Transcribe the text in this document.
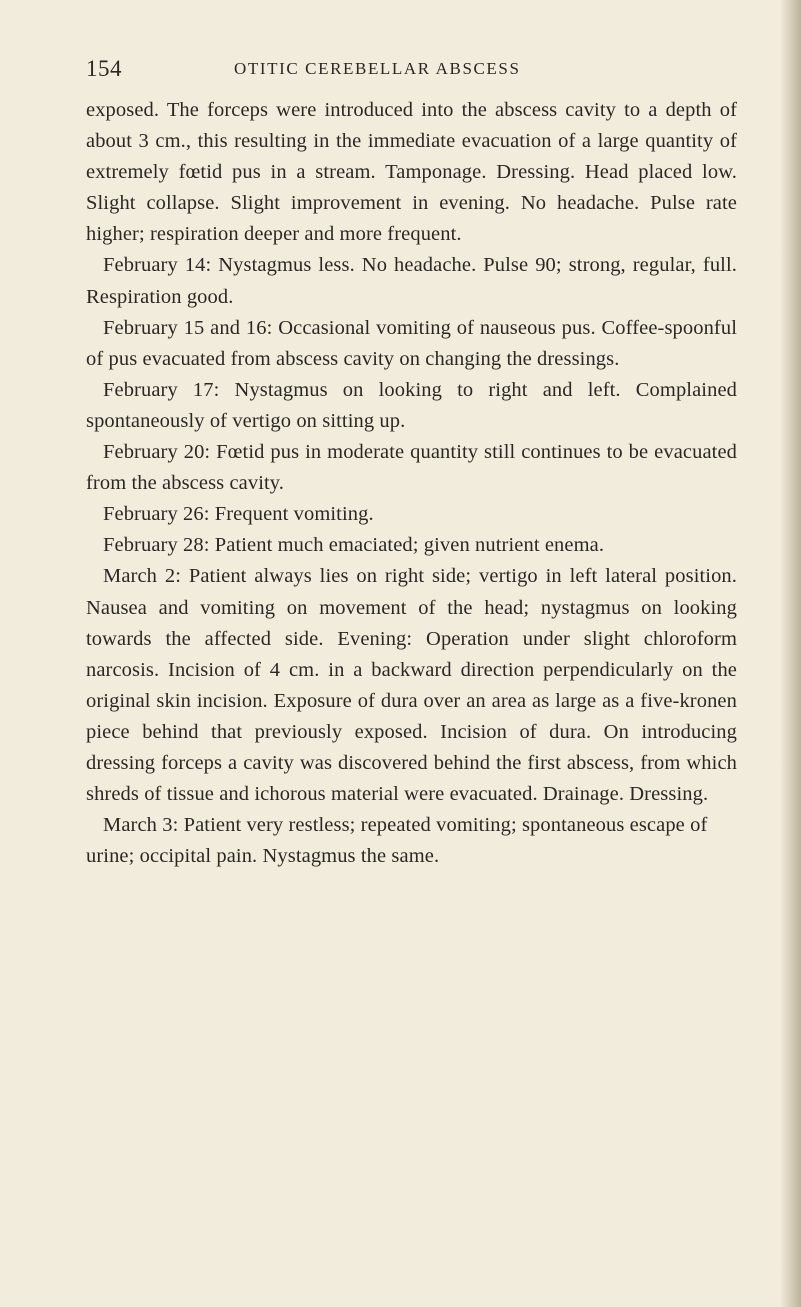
154	OTITIC CEREBELLAR ABSCESS

exposed. The forceps were introduced into the abscess cavity to a depth of about 3 cm., this resulting in the immediate evacuation of a large quantity of extremely fœtid pus in a stream. Tamponage. Dressing. Head placed low. Slight collapse. Slight improvement in evening. No headache. Pulse rate higher; respiration deeper and more frequent.

February 14: Nystagmus less. No headache. Pulse 90; strong, regular, full. Respiration good.

February 15 and 16: Occasional vomiting of nauseous pus. Coffee-spoonful of pus evacuated from abscess cavity on changing the dressings.

February 17: Nystagmus on looking to right and left. Complained spontaneously of vertigo on sitting up.

February 20: Fœtid pus in moderate quantity still continues to be evacuated from the abscess cavity.

February 26: Frequent vomiting.

February 28: Patient much emaciated; given nutrient enema.

March 2: Patient always lies on right side; vertigo in left lateral position. Nausea and vomiting on movement of the head; nystagmus on looking towards the affected side. Evening: Operation under slight chloroform narcosis. Incision of 4 cm. in a backward direction perpendicularly on the original skin incision. Exposure of dura over an area as large as a five-kronen piece behind that previously exposed. Incision of dura. On introducing dressing forceps a cavity was discovered behind the first abscess, from which shreds of tissue and ichorous material were evacuated. Drainage. Dressing.

March 3: Patient very restless; repeated vomiting; spontaneous escape of urine; occipital pain. Nystagmus the same.
